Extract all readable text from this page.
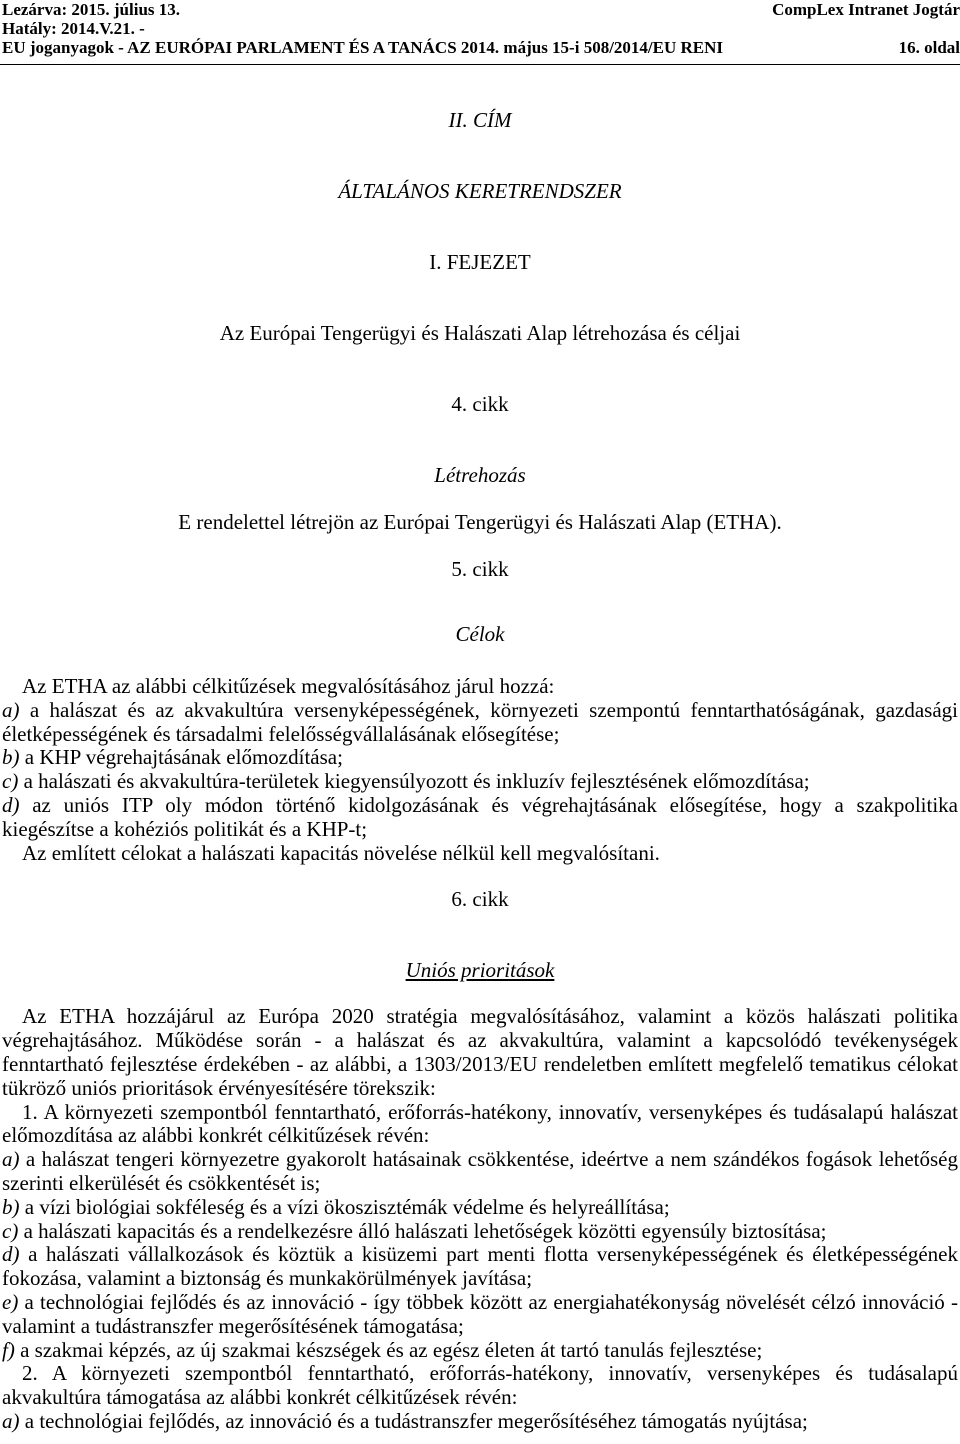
Lezárva: 2015. július 13.	CompLex Intranet Jogtár
Hatály: 2014.V.21. -
EU joganyagok - AZ EURÓPAI PARLAMENT ÉS A TANÁCS 2014. május 15-i 508/2014/EU RENI	16. oldal
II. CÍM
ÁLTALÁNOS KERETRENDSZER
I. FEJEZET
Az Európai Tengerügyi és Halászati Alap létrehozása és céljai
4. cikk
Létrehozás
E rendelettel létrejön az Európai Tengerügyi és Halászati Alap (ETHA).
5. cikk
Célok

Az ETHA az alábbi célkitűzések megvalósításához járul hozzá:

a) a halászat és az akvakultúra versenyképességének, környezeti szempontú fenntarthatóságának, gazdasági életképességének és társadalmi felelősségvállalásának elősegítése;

b) a KHP végrehajtásának előmozdítása;

c) a halászati és akvakultúra-területek kiegyensúlyozott és inkluzív fejlesztésének előmozdítása;

d) az uniós ITP oly módon történő kidolgozásának és végrehajtásának elősegítése, hogy a szakpolitika kiegészítse a kohéziós politikát és a KHP-t;

Az említett célokat a halászati kapacitás növelése nélkül kell megvalósítani.

6. cikk
Uniós prioritások

Az ETHA hozzájárul az Európa 2020 stratégia megvalósításához, valamint a közös halászati politika végrehajtásához. Működése során - a halászat és az akvakultúra, valamint a kapcsolódó tevékenységek fenntartható fejlesztése érdekében - az alábbi, a 1303/2013/EU rendeletben említett megfelelő tematikus célokat tükröző uniós prioritások érvényesítésére törekszik:

1. A környezeti szempontból fenntartható, erőforrás-hatékony, innovatív, versenyképes és tudásalapú halászat előmozdítása az alábbi konkrét célkitűzések révén:

a) a halászat tengeri környezetre gyakorolt hatásainak csökkentése, ideértve a nem szándékos fogások lehetőség szerinti elkerülését és csökkentését is;

b) a vízi biológiai sokféleség és a vízi ökoszisztémák védelme és helyreállítása;

c) a halászati kapacitás és a rendelkezésre álló halászati lehetőségek közötti egyensúly biztosítása;

d) a halászati vállalkozások és köztük a kisüzemi part menti flotta versenyképességének és életképességének fokozása, valamint a biztonság és munkakörülmények javítása;

e) a technológiai fejlődés és az innováció - így többek között az energiahatékonyság növelését célzó innováció - valamint a tudástranszfer megerősítésének támogatása;

f) a szakmai képzés, az új szakmai készségek és az egész életen át tartó tanulás fejlesztése;

2. A környezeti szempontból fenntartható, erőforrás-hatékony, innovatív, versenyképes és tudásalapú akvakultúra támogatása az alábbi konkrét célkitűzések révén:

a) a technológiai fejlődés, az innováció és a tudástranszfer megerősítéséhez támogatás nyújtása;
